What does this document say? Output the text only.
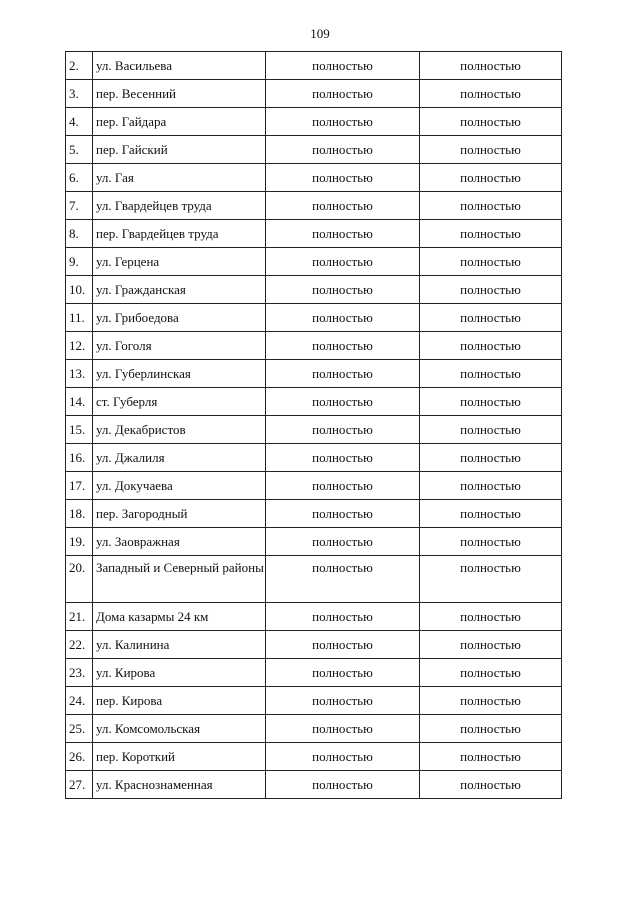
109
2.	ул. Васильева	полностью	полностью
3.	пер. Весенний	полностью	полностью
4.	пер. Гайдара	полностью	полностью
5.	пер. Гайский	полностью	полностью
6.	ул. Гая	полностью	полностью
7.	ул. Гвардейцев труда	полностью	полностью
8.	пер. Гвардейцев труда	полностью	полностью
9.	ул. Герцена	полностью	полностью
10.	ул. Гражданская	полностью	полностью
11.	ул. Грибоедова	полностью	полностью
12.	ул. Гоголя	полностью	полностью
13.	ул. Губерлинская	полностью	полностью
14.	ст. Губерля	полностью	полностью
15.	ул. Декабристов	полностью	полностью
16.	ул. Джалиля	полностью	полностью
17.	ул. Докучаева	полностью	полностью
18.	пер. Загородный	полностью	полностью
19.	ул. Заовражная	полностью	полностью
20.	Западный и Северный районы	полностью	полностью
21.	Дома казармы 24 км	полностью	полностью
22.	ул. Калинина	полностью	полностью
23.	ул. Кирова	полностью	полностью
24.	пер. Кирова	полностью	полностью
25.	ул. Комсомольская	полностью	полностью
26.	пер. Короткий	полностью	полностью
27.	ул. Краснознаменная	полностью	полностью
